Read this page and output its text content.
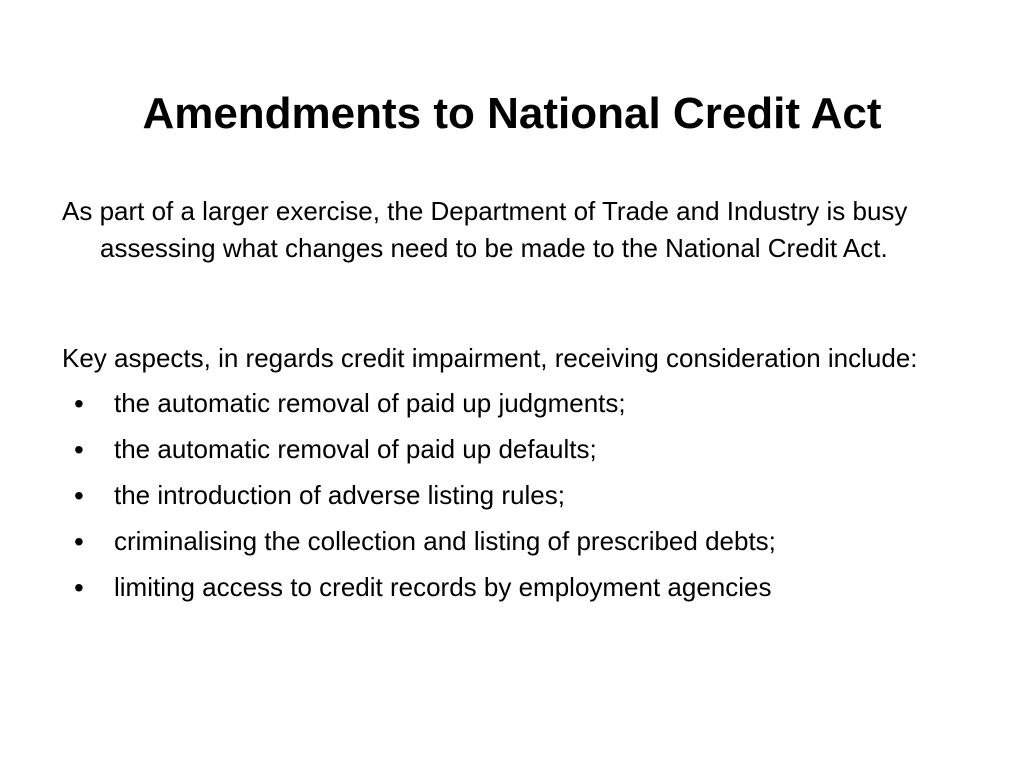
Amendments to National Credit Act

As part of a larger exercise, the Department of Trade and Industry is busy assessing what changes need to be made to the National Credit Act.

Key aspects, in regards credit impairment, receiving consideration include:

• the automatic removal of paid up judgments;
• the automatic removal of paid up defaults;
• the introduction of adverse listing rules;
• criminalising the collection and listing of prescribed debts;
• limiting access to credit records by employment agencies
